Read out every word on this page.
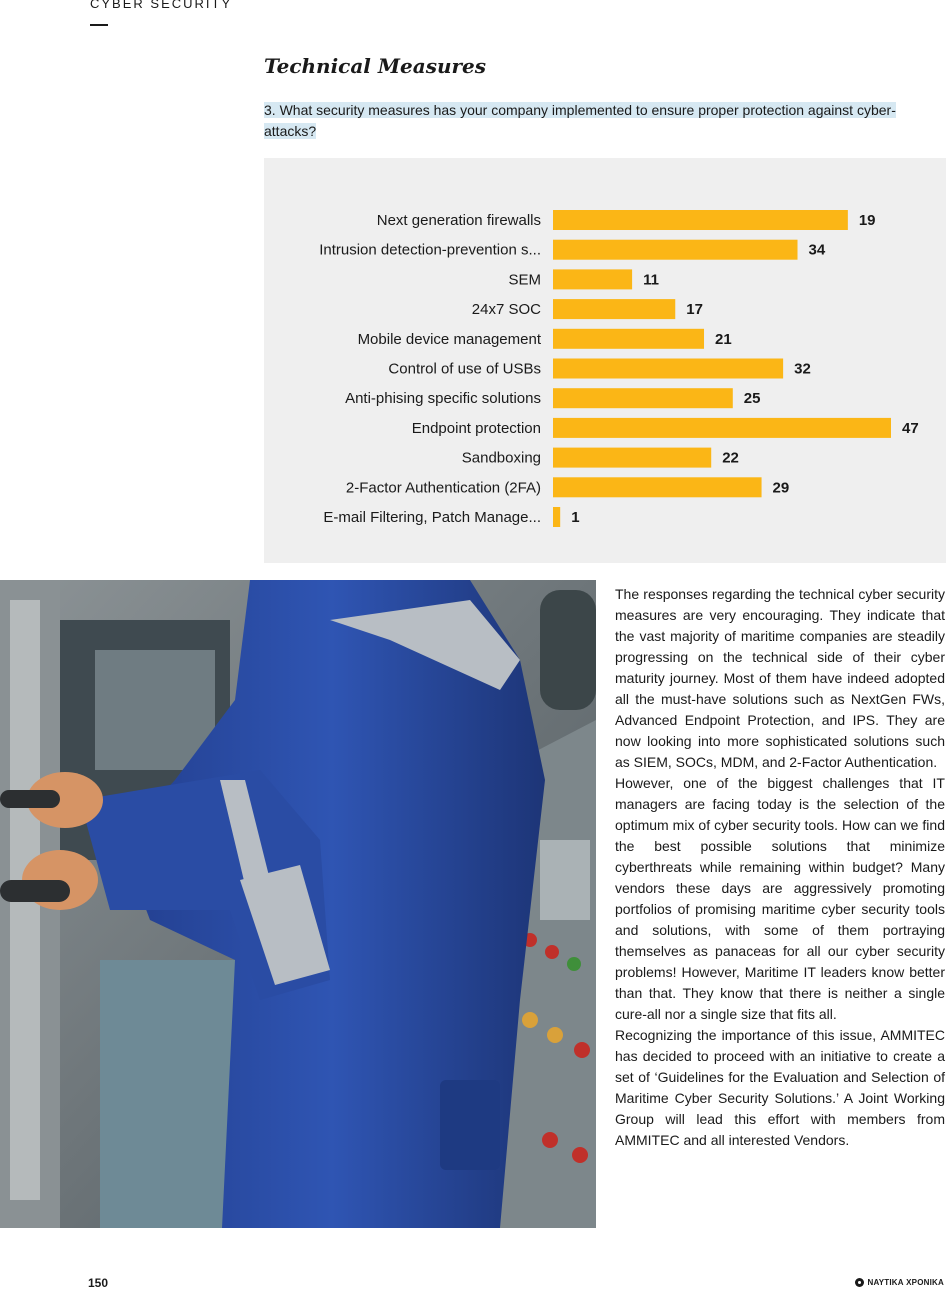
CYBER SECURITY

Technical Measures

3. What security measures has your company implemented to ensure proper protection against cyber-attacks?

Next generation firewalls	19
Intrusion detection-prevention s...	34
SEM	11
24x7 SOC	17
Mobile device management	21
Control of use of USBs	32
Anti-phising specific solutions	25
Endpoint protection	47
Sandboxing	22
2-Factor Authentication (2FA)	29
E-mail Filtering, Patch Manage... 1

The responses regarding the technical cyber security measures are very encouraging. They indicate that the vast majority of maritime companies are steadily progressing on the technical side of their cyber maturity journey. Most of them have indeed adopted all the must-have solutions such as NextGen FWs, Advanced Endpoint Protection, and IPS. They are now looking into more sophisticated solutions such as SIEM, SOCs, MDM, and 2-Factor Authentication.

However, one of the biggest challenges that IT managers are facing today is the selection of the optimum mix of cyber security tools. How can we find the best possible solutions that minimize cyberthreats while remaining within budget? Many vendors these days are aggressively promoting portfolios of promising maritime cyber security tools and solutions, with some of them portraying themselves as panaceas for all our cyber security problems! However, Maritime IT leaders know better than that. They know that there is neither a single cure-all nor a single size that fits all.

Recognizing the importance of this issue, AMMITEC has decided to proceed with an initiative to create a set of ‘Guidelines for the Evaluation and Selection of Maritime Cyber Security Solutions.’ A Joint Working Group will lead this effort with members from AMMITEC and all interested Vendors.

150	ΝΑΥΤΙΚΑ ΧΡΟΝΙΚΑ
